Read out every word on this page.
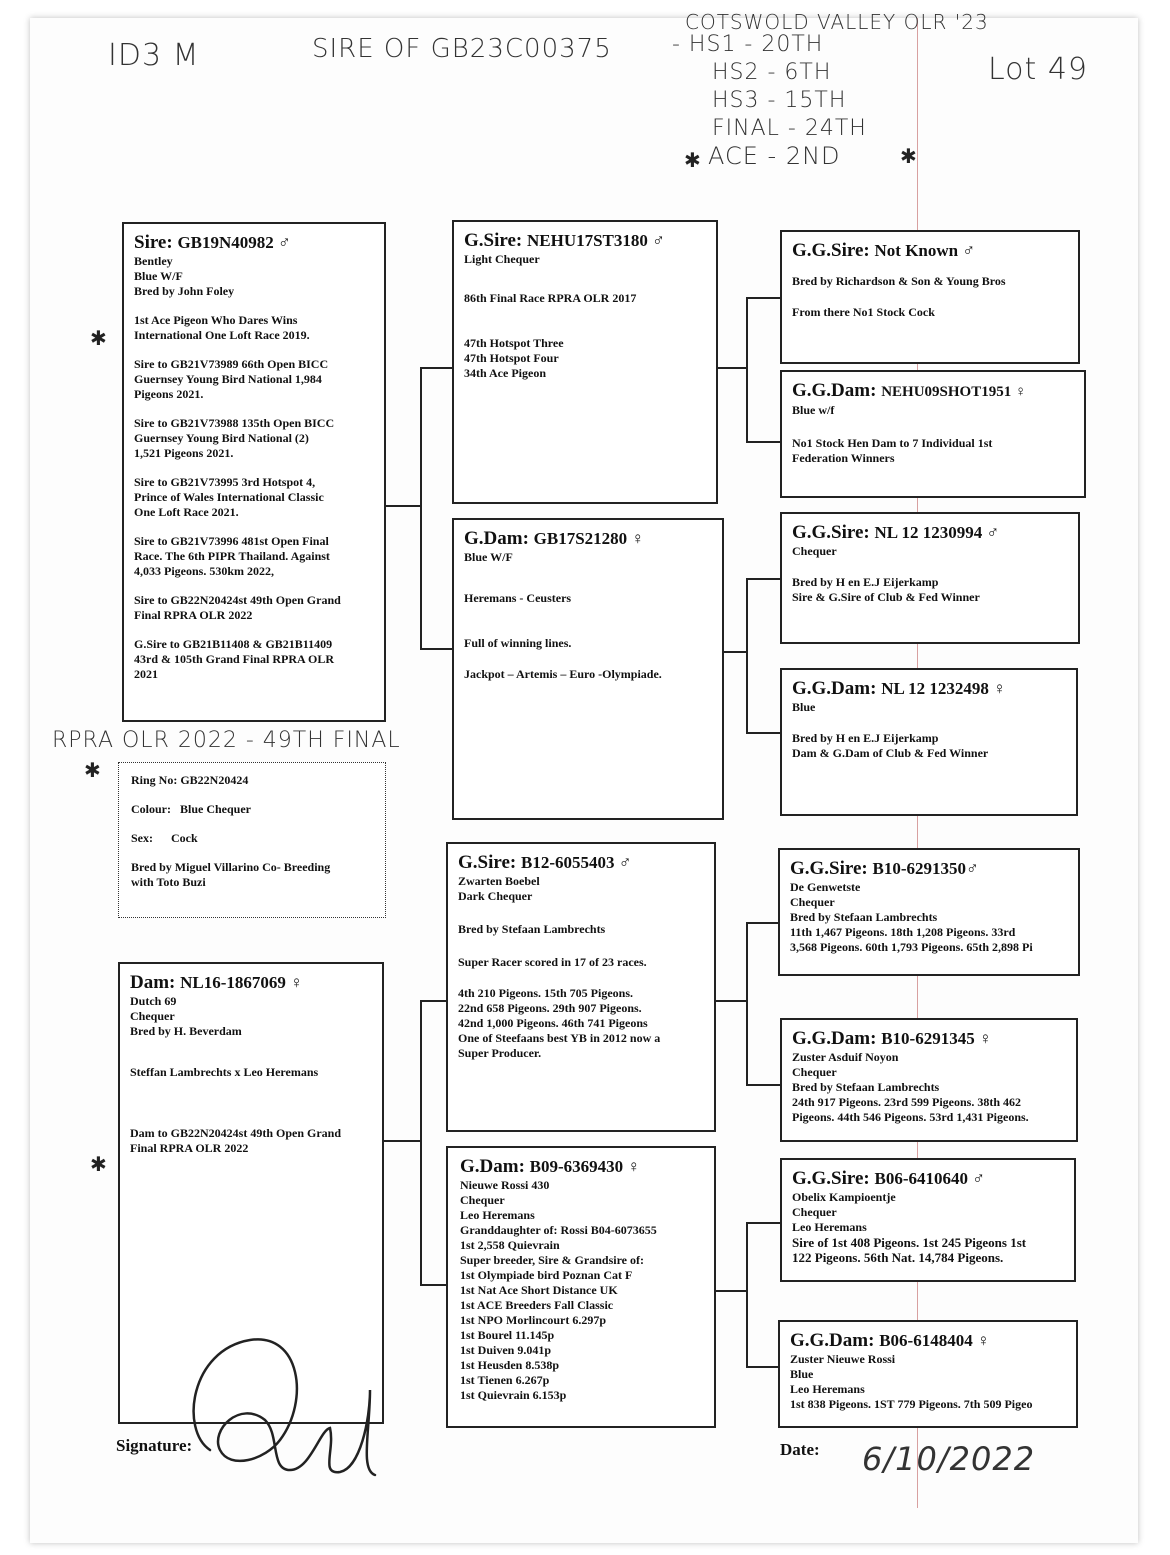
ID3 M	SIRE OF GB23C00375
COTSWOLD VALLEY OLR '23
- HS1 - 20TH
HS2 - 6TH
HS3 - 15TH
FINAL - 24TH
ACE - 2ND
✱	✱
Lot 49
RPRA OLR 2022 - 49TH FINAL
✱
✱
✱
Sire: GB19N40982 ♂

Bentley

Blue W/F

Bred by John Foley

1st Ace Pigeon Who Dares Wins
International One Loft Race 2019.

Sire to GB21V73989 66th Open BICC
Guernsey Young Bird National 1,984
Pigeons 2021.

Sire to GB21V73988 135th Open BICC
Guernsey Young Bird National (2)
1,521 Pigeons 2021.

Sire to GB21V73995 3rd Hotspot 4,
Prince of Wales International Classic
One Loft Race 2021.

Sire to GB21V73996 481st Open Final
Race. The 6th PIPR Thailand. Against
4,033 Pigeons. 530km 2022,

Sire to GB22N20424st 49th Open Grand
Final RPRA OLR 2022

G.Sire to GB21B11408 & GB21B11409
43rd & 105th Grand Final RPRA OLR
2021

Ring No: GB22N20424

Colour: Blue Chequer

Sex: Cock

Bred by Miguel Villarino Co- Breeding
with Toto Buzi

Dam: NL16-1867069 ♀

Dutch 69

Chequer

Bred by H. Beverdam

Steffan Lambrechts x Leo Heremans

Dam to GB22N20424st 49th Open Grand
Final RPRA OLR 2022

G.Sire: NEHU17ST3180 ♂

Light Chequer

86th Final Race RPRA OLR 2017

47th Hotspot Three
47th Hotspot Four
34th Ace Pigeon

G.Dam: GB17S21280 ♀

Blue W/F

Heremans - Ceusters

Full of winning lines.

Jackpot – Artemis – Euro -Olympiade.

G.Sire: B12-6055403 ♂

Zwarten Boebel

Dark Chequer

Bred by Stefaan Lambrechts

Super Racer scored in 17 of 23 races.

4th 210 Pigeons. 15th 705 Pigeons.
22nd 658 Pigeons. 29th 907 Pigeons.
42nd 1,000 Pigeons. 46th 741 Pigeons
One of Steefaans best YB in 2012 now a
Super Producer.

G.Dam: B09-6369430 ♀

Nieuwe Rossi 430

Chequer

Leo Heremans

Granddaughter of: Rossi B04-6073655

1st 2,558 Quievrain

Super breeder, Sire & Grandsire of:

1st Olympiade bird Poznan Cat F

1st Nat Ace Short Distance UK

1st ACE Breeders Fall Classic

1st NPO Morlincourt 6.297p

1st Bourel 11.145p

1st Duiven 9.041p

1st Heusden 8.538p

1st Tienen 6.267p

1st Quievrain 6.153p

G.G.Sire: Not Known ♂

Bred by Richardson & Son & Young Bros

From there No1 Stock Cock

G.G.Dam: NEHU09SHOT1951 ♀

Blue w/f

No1 Stock Hen Dam to 7 Individual 1st
Federation Winners

G.G.Sire: NL 12 1230994 ♂

Chequer

Bred by H en E.J Eijerkamp
Sire & G.Sire of Club & Fed Winner

G.G.Dam: NL 12 1232498 ♀

Blue

Bred by H en E.J Eijerkamp
Dam & G.Dam of Club & Fed Winner

G.G.Sire: B10-6291350♂

De Genwetste

Chequer

Bred by Stefaan Lambrechts

11th 1,467 Pigeons. 18th 1,208 Pigeons. 33rd
3,568 Pigeons. 60th 1,793 Pigeons. 65th 2,898 Pi

G.G.Dam: B10-6291345 ♀

Zuster Asduif Noyon

Chequer

Bred by Stefaan Lambrechts

24th 917 Pigeons. 23rd 599 Pigeons. 38th 462
Pigeons. 44th 546 Pigeons. 53rd 1,431 Pigeons.

G.G.Sire: B06-6410640 ♂

Obelix Kampioentje

Chequer

Leo Heremans

Sire of 1st 408 Pigeons. 1st 245 Pigeons 1st
122 Pigeons. 56th Nat. 14,784 Pigeons.

G.G.Dam: B06-6148404 ♀

Zuster Nieuwe Rossi

Blue

Leo Heremans

1st 838 Pigeons. 1ST 779 Pigeons. 7th 509 Pigeo

Signature:	Date: 6/10/2022
